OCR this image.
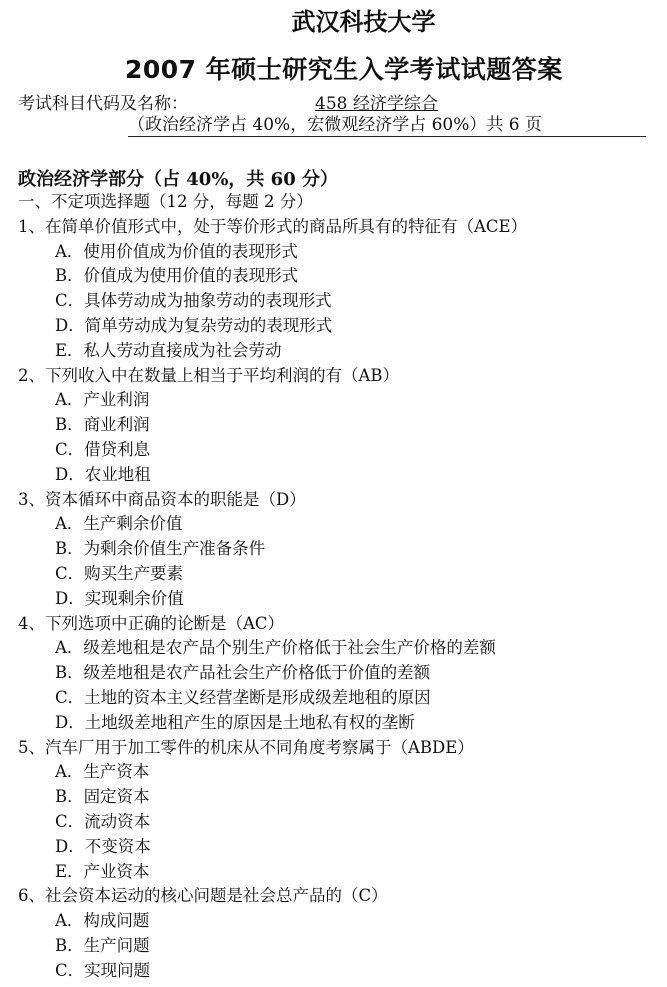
武汉科技大学
2007 年硕士研究生入学考试试题答案
考试科目代码及名称：	458 经济学综合
（政治经济学占 40%，宏微观经济学占 60%）共 6 页
政治经济学部分（占 40%，共 60 分）
一、不定项选择题（12 分，每题 2 分）
1、在简单价值形式中，处于等价形式的商品所具有的特征有（ACE）
A．使用价值成为价值的表现形式
B．价值成为使用价值的表现形式
C．具体劳动成为抽象劳动的表现形式
D．简单劳动成为复杂劳动的表现形式
E．私人劳动直接成为社会劳动
2、下列收入中在数量上相当于平均利润的有（AB）
A．产业利润
B．商业利润
C．借贷利息
D．农业地租
3、资本循环中商品资本的职能是（D）
A．生产剩余价值
B．为剩余价值生产准备条件
C．购买生产要素
D．实现剩余价值
4、下列选项中正确的论断是（AC）
A．级差地租是农产品个别生产价格低于社会生产价格的差额
B．级差地租是农产品社会生产价格低于价值的差额
C．土地的资本主义经营垄断是形成级差地租的原因
D．土地级差地租产生的原因是土地私有权的垄断
5、汽车厂用于加工零件的机床从不同角度考察属于（ABDE）
A．生产资本
B．固定资本
C．流动资本
D．不变资本
E．产业资本
6、社会资本运动的核心问题是社会总产品的（C）
A．构成问题
B．生产问题
C．实现问题
